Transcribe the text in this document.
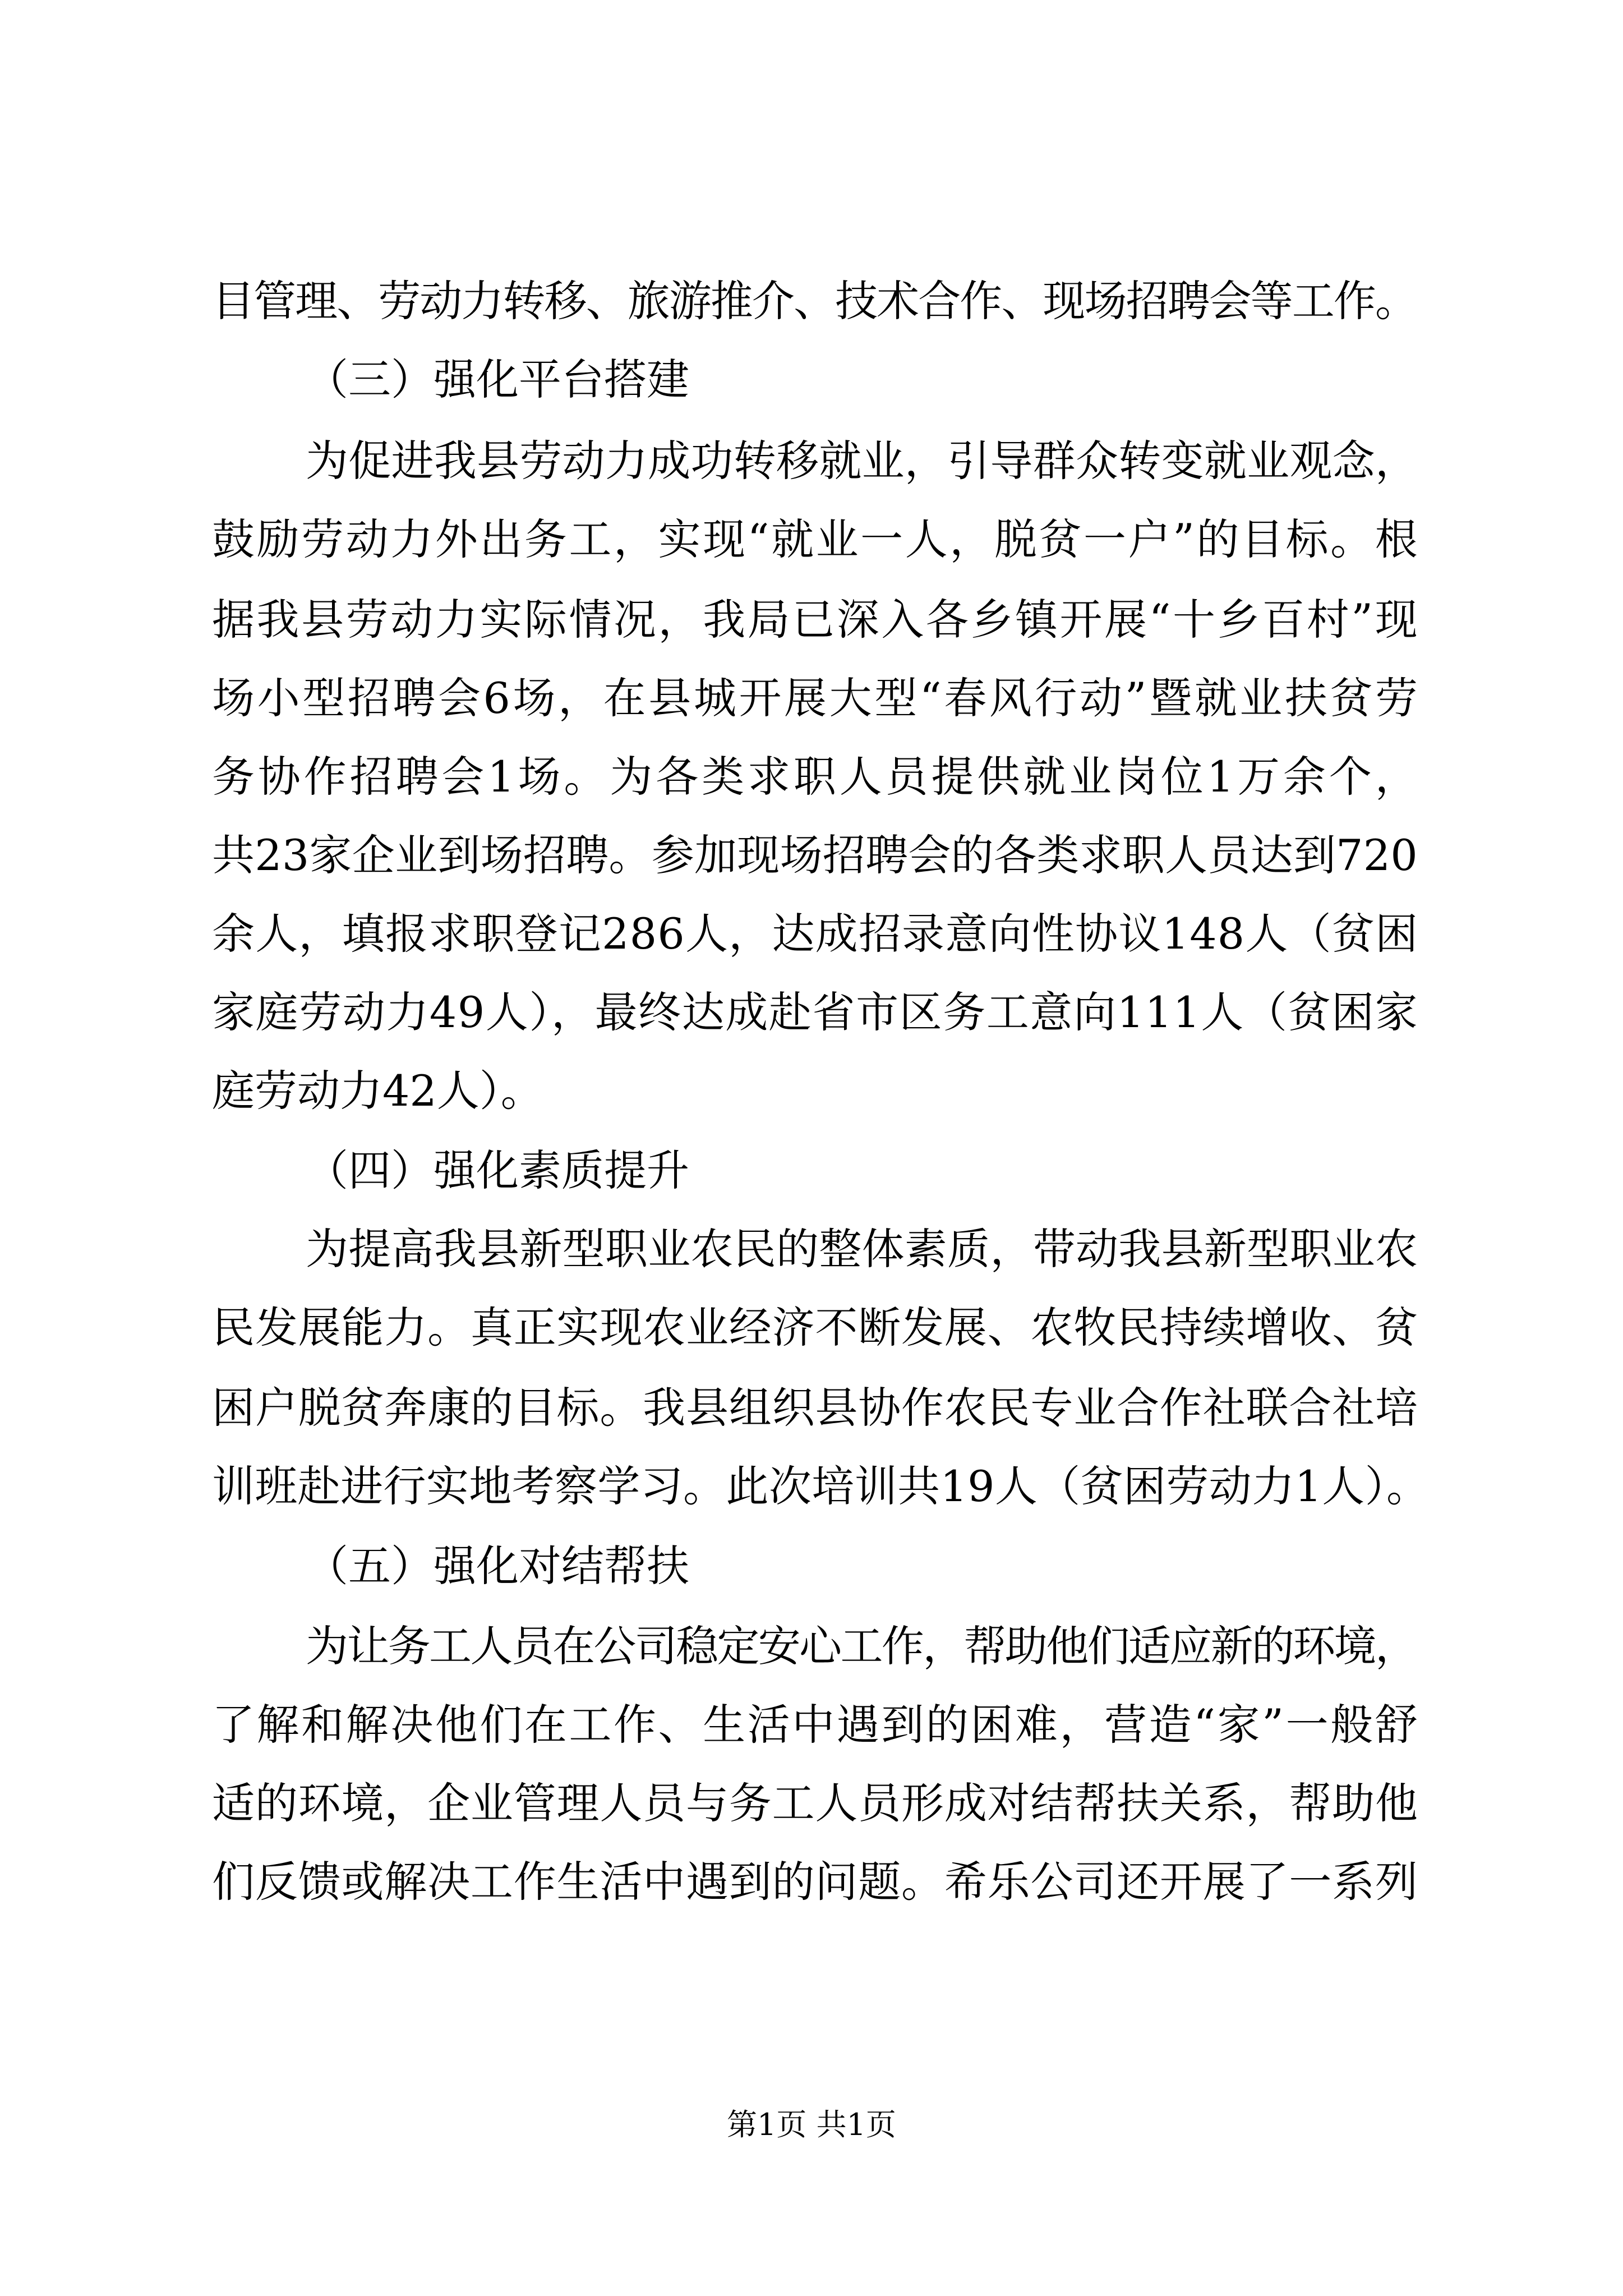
目管理、劳动力转移、旅游推介、技术合作、现场招聘会等工作。
（三）强化平台搭建
为促进我县劳动力成功转移就业，引导群众转变就业观念，
鼓励劳动力外出务工，实现“就业一人，脱贫一户”的目标。根
据我县劳动力实际情况，我局已深入各乡镇开展“十乡百村”现
场小型招聘会6场，在县城开展大型“春风行动”暨就业扶贫劳
务协作招聘会1场。为各类求职人员提供就业岗位1万余个，
共23家企业到场招聘。参加现场招聘会的各类求职人员达到720
余人，填报求职登记286人，达成招录意向性协议148人（贫困
家庭劳动力49人），最终达成赴省市区务工意向111人（贫困家
庭劳动力42人）。
（四）强化素质提升
为提高我县新型职业农民的整体素质，带动我县新型职业农
民发展能力。真正实现农业经济不断发展、农牧民持续增收、贫
困户脱贫奔康的目标。我县组织县协作农民专业合作社联合社培
训班赴进行实地考察学习。此次培训共19人（贫困劳动力1人）。
（五）强化对结帮扶
为让务工人员在公司稳定安心工作，帮助他们适应新的环境，
了解和解决他们在工作、生活中遇到的困难，营造“家”一般舒
适的环境，企业管理人员与务工人员形成对结帮扶关系，帮助他
们反馈或解决工作生活中遇到的问题。希乐公司还开展了一系列
第1页 共1页
